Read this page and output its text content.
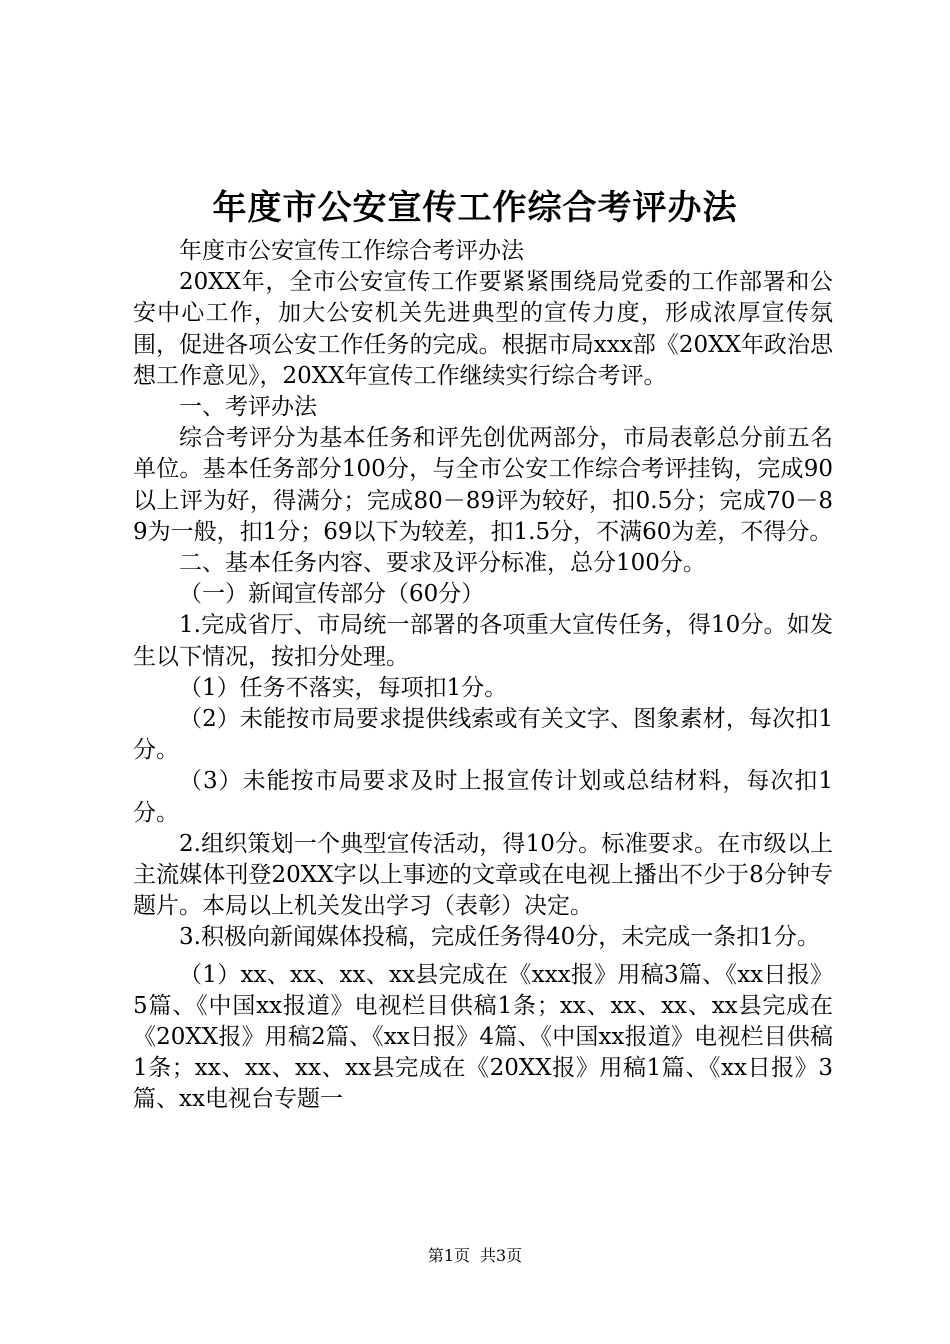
年度市公安宣传工作综合考评办法

年度市公安宣传工作综合考评办法

20XX年，全市公安宣传工作要紧紧围绕局党委的工作部署和公安中心工作，加大公安机关先进典型的宣传力度，形成浓厚宣传氛围，促进各项公安工作任务的完成。根据市局xxx部《20XX年政治思想工作意见》，20XX年宣传工作继续实行综合考评。

一、考评办法

综合考评分为基本任务和评先创优两部分，市局表彰总分前五名单位。基本任务部分100分，与全市公安工作综合考评挂钩，完成90以上评为好，得满分；完成80－89评为较好，扣0.5分；完成70－89为一般，扣1分；69以下为较差，扣1.5分，不满60为差，不得分。

二、基本任务内容、要求及评分标准，总分100分。

（一）新闻宣传部分（60分）

1.完成省厅、市局统一部署的各项重大宣传任务，得10分。如发生以下情况，按扣分处理。

（1）任务不落实，每项扣1分。

（2）未能按市局要求提供线索或有关文字、图象素材，每次扣1分。

（3）未能按市局要求及时上报宣传计划或总结材料，每次扣1分。

2.组织策划一个典型宣传活动，得10分。标准要求。在市级以上主流媒体刊登20XX字以上事迹的文章或在电视上播出不少于8分钟专题片。本局以上机关发出学习（表彰）决定。

3.积极向新闻媒体投稿，完成任务得40分，未完成一条扣1分。

（1）xx、xx、xx、xx县完成在《xxx报》用稿3篇、《xx日报》5篇、《中国xx报道》电视栏目供稿1条；xx、xx、xx、xx县完成在《20XX报》用稿2篇、《xx日报》4篇、《中国xx报道》电视栏目供稿1条；xx、xx、xx、xx县完成在《20XX报》用稿1篇、《xx日报》3篇、xx电视台专题一

第1页 共3页
